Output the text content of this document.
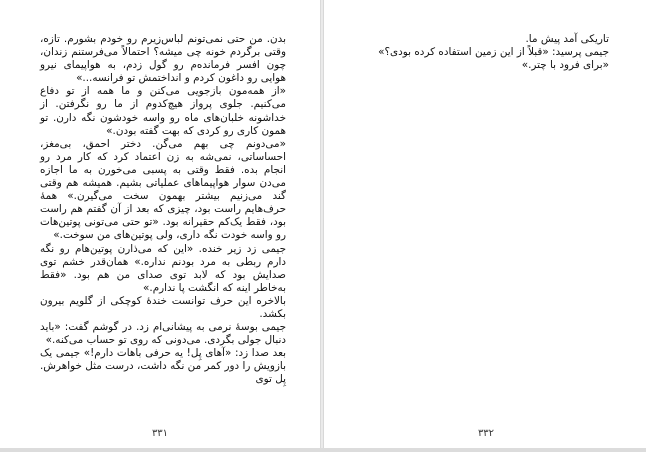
بدن. من حتی نمی‌تونم لباس‌زیرم رو خودم بشورم. تازه، وقتی برگردم خونه چی میشه؟ احتمالاً می‌فرستنم زندان، چون افسر فرمانده‌م رو گول زدم، به هواپیمای نیرو هوایی رو داغون کردم و انداختمش تو فرانسه...»

«از همه‌مون بازجویی می‌کنن و ما همه از تو دفاع می‌کنیم. جلوی پرواز هیچ‌کدوم از ما رو نگرفتن. از خداشونه خلبان‌های ماه رو واسه خودشون نگه دارن. تو همون کاری رو کردی که بهت گفته بودن.»

«می‌دونم چی بهم می‌گن. دختر احمق، بی‌مغز، احساساتی، نمی‌شه به زن اعتماد کرد که کار مرد رو انجام بده. فقط وقتی به پسبی می‌خورن به ما اجازه می‌دن سوار هواپیماهای عملیاتی بشیم. همیشه هم وقتی گند می‌زنیم بیشتر بهمون سخت می‌گیرن.» همهٔ حرف‌هایم راست بود، چیزی که بعد از آن گفتم هم راست بود، فقط یک‌کم حقیرانه بود. «تو حتی می‌تونی پوتین‌هات رو واسه خودت نگه داری، ولی پوتین‌های من سوخت.»

جیمی زد زیر خنده. «این که می‌ذارن پوتین‌هام رو نگه دارم ربطی به مرد بودنم نداره.» همان‌قدر خشم توی صدایش بود که لابد توی صدای من هم بود. «فقط به‌خاطر اینه که انگشت پا ندارم.»

بالاخره این حرف توانست خندهٔ کوچکی از گلویم بیرون بکشد.

جیمی بوسهٔ نرمی به پیشانی‌ام زد. در گوشم گفت: «باید دنبال جولی بگردی. می‌دونی که روی تو حساب می‌کنه.»

بعد صدا زد: «آهای پِل! یه حرفی باهات دارم!» جیمی یک بازویش را دور کمر من نگه داشت، درست مثل خواهرش. پِل توی

۳۳۱

تاریکی آمد پیش ما.

جیمی پرسید: «قبلاً از این زمین استفاده کرده بودی؟»

«برای فرود با چتر.»

۳۳۲
